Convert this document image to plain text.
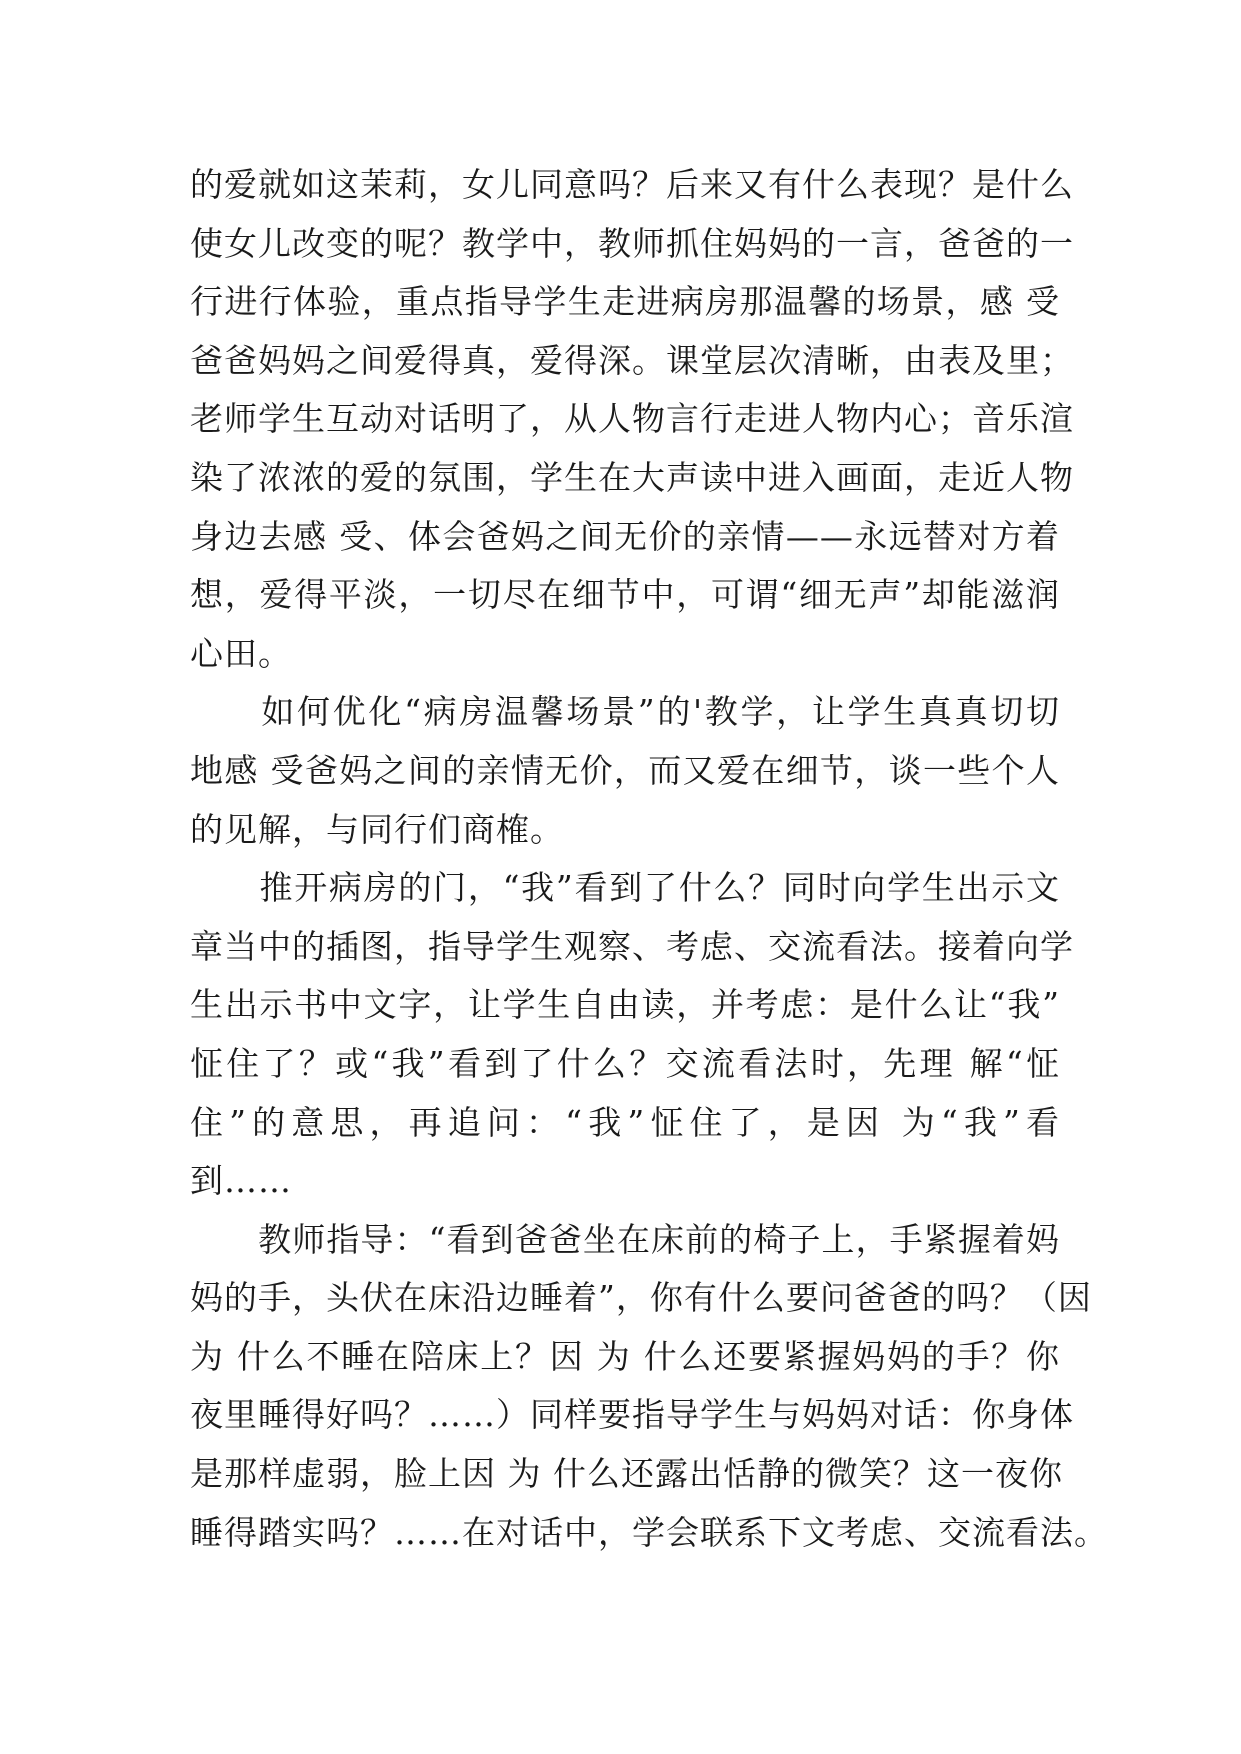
的爱就如这茉莉，女儿同意吗？后来又有什么表现？是什么
使女儿改变的呢？教学中，教师抓住妈妈的一言，爸爸的一
行进行体验，重点指导学生走进病房那温馨的场景，感 受
爸爸妈妈之间爱得真，爱得深。课堂层次清晰，由表及里；
老师学生互动对话明了，从人物言行走进人物内心；音乐渲
染了浓浓的爱的氛围，学生在大声读中进入画面，走近人物
身边去感 受、体会爸妈之间无价的亲情——永远替对方着
想，爱得平淡，一切尽在细节中，可谓“细无声”却能滋润
心田。
　　如何优化“病房温馨场景”的'教学，让学生真真切切
地感 受爸妈之间的亲情无价，而又爱在细节，谈一些个人
的见解，与同行们商榷。
　　推开病房的门，“我”看到了什么？同时向学生出示文
章当中的插图，指导学生观察、考虑、交流看法。接着向学
生出示书中文字，让学生自由读，并考虑：是什么让“我”
怔住了？或“我”看到了什么？交流看法时，先理 解“怔
住”的意思，再追问：“我”怔住了，是因 为“我”看
到……
　　教师指导：“看到爸爸坐在床前的椅子上，手紧握着妈
妈的手，头伏在床沿边睡着”，你有什么要问爸爸的吗？（因
为 什么不睡在陪床上？因 为 什么还要紧握妈妈的手？你
夜里睡得好吗？……）同样要指导学生与妈妈对话：你身体
是那样虚弱，脸上因 为 什么还露出恬静的微笑？这一夜你
睡得踏实吗？……在对话中，学会联系下文考虑、交流看法。
